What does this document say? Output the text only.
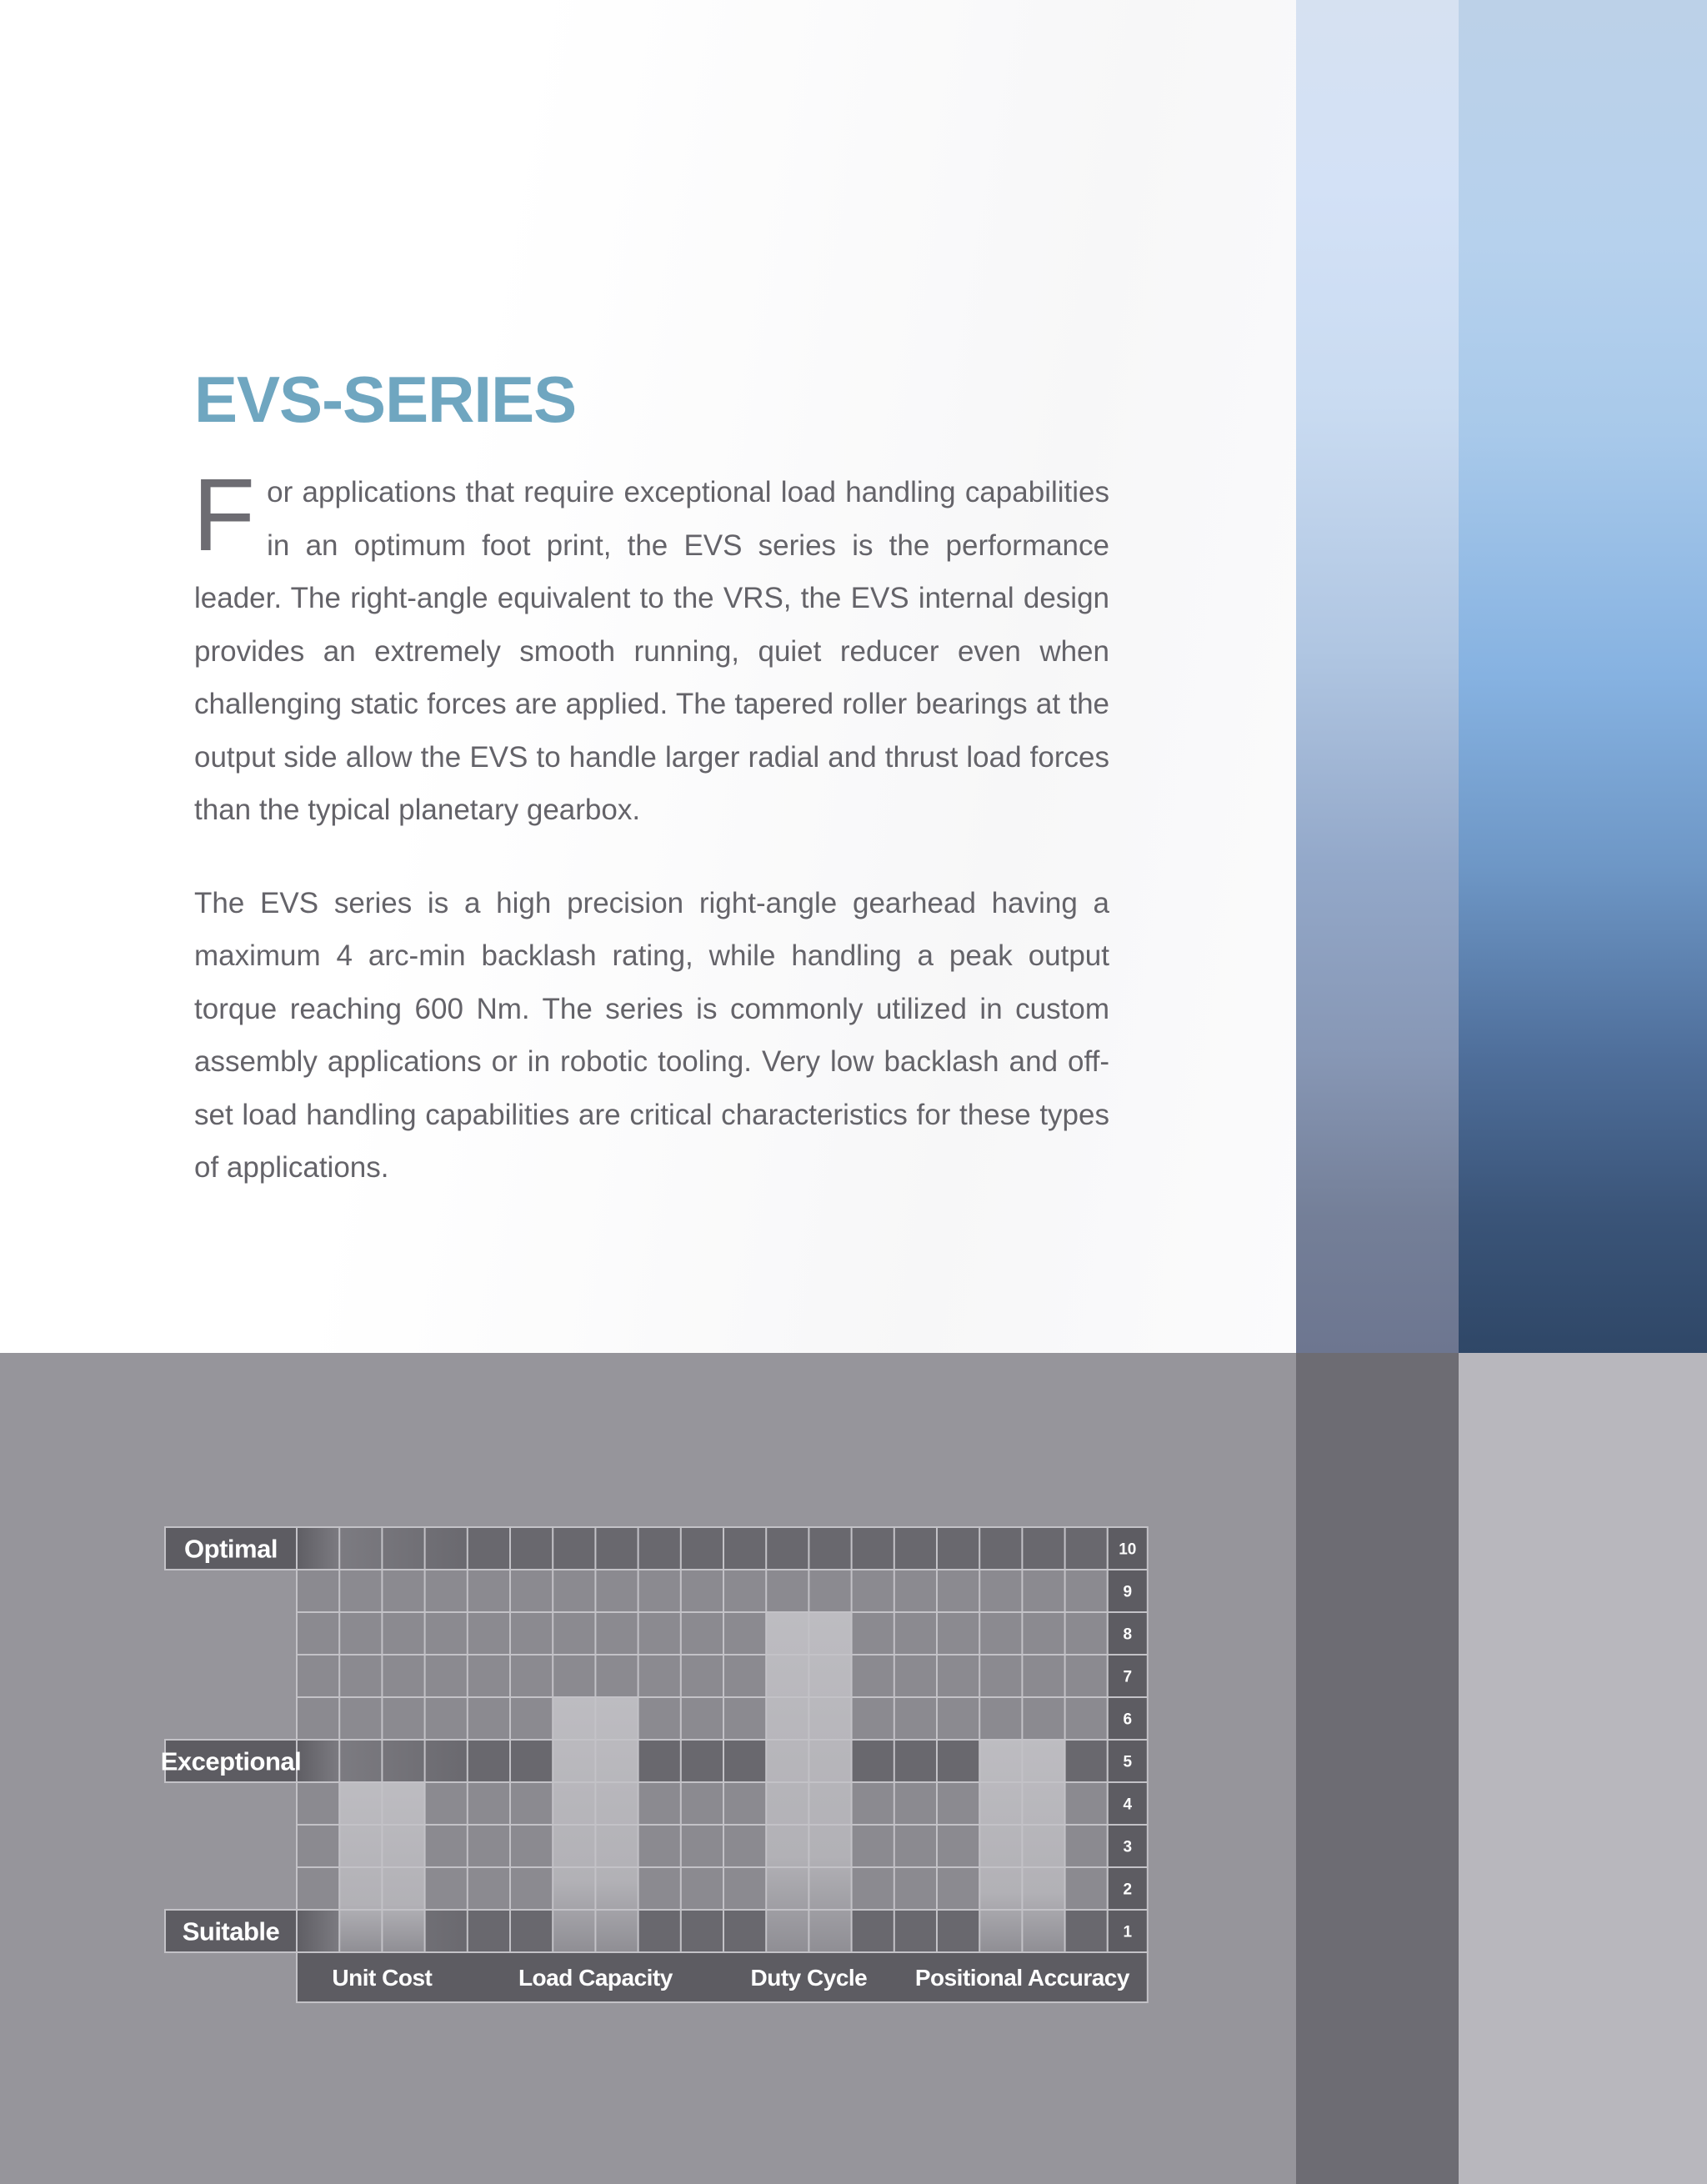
EVS-SERIES

For applications that require exceptional load handling capabilities in an optimum foot print, the EVS series is the performance leader. The right-angle equivalent to the VRS, the EVS internal design provides an extremely smooth running, quiet reducer even when challenging static forces are applied. The tapered roller bearings at the output side allow the EVS to handle larger radial and thrust load forces than the typical planetary gearbox.

The EVS series is a high precision right-angle gearhead having a maximum 4 arc-min backlash rating, while handling a peak output torque reaching 600 Nm. The series is commonly utilized in custom assembly applications or in robotic tooling. Very low backlash and off-set load handling capabilities are critical characteristics for these types of applications.

1
2
3
4
5
6
7
8
9
10
Optimal
Exceptional
Suitable
Unit Cost	Load Capacity	Duty Cycle Positional Accuracy
